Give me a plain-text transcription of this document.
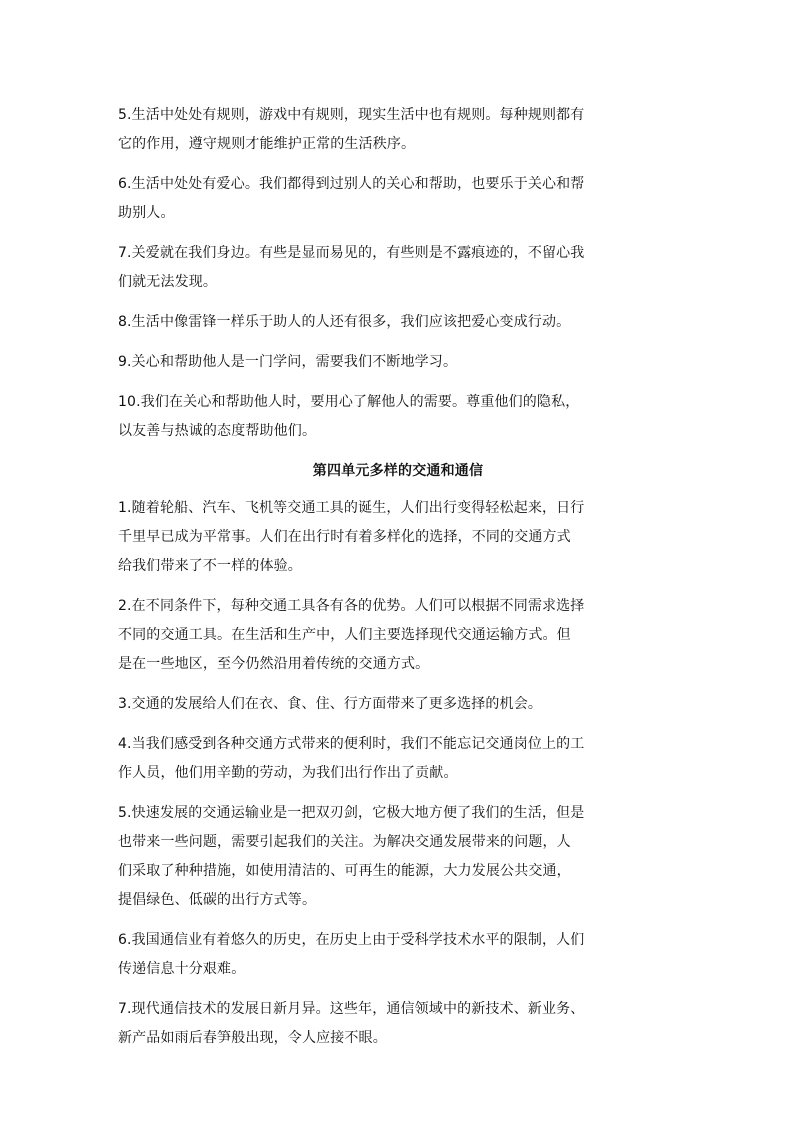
5.生活中处处有规则，游戏中有规则，现实生活中也有规则。每种规则都有
它的作用，遵守规则才能维护正常的生活秩序。

6.生活中处处有爱心。我们都得到过别人的关心和帮助，也要乐于关心和帮
助别人。

7.关爱就在我们身边。有些是显而易见的，有些则是不露痕迹的，不留心我
们就无法发现。

8.生活中像雷锋一样乐于助人的人还有很多，我们应该把爱心变成行动。

9.关心和帮助他人是一门学问，需要我们不断地学习。

10.我们在关心和帮助他人时，要用心了解他人的需要。尊重他们的隐私，
以友善与热诚的态度帮助他们。

第四单元多样的交通和通信

1.随着轮船、汽车、飞机等交通工具的诞生，人们出行变得轻松起来，日行
千里早已成为平常事。人们在出行时有着多样化的选择，不同的交通方式
给我们带来了不一样的体验。

2.在不同条件下，每种交通工具各有各的优势。人们可以根据不同需求选择
不同的交通工具。在生活和生产中，人们主要选择现代交通运输方式。但
是在一些地区，至今仍然沿用着传统的交通方式。

3.交通的发展给人们在衣、食、住、行方面带来了更多选择的机会。

4.当我们感受到各种交通方式带来的便利时，我们不能忘记交通岗位上的工
作人员，他们用辛勤的劳动，为我们出行作出了贡献。

5.快速发展的交通运输业是一把双刃剑，它极大地方便了我们的生活，但是
也带来一些问题，需要引起我们的关注。为解决交通发展带来的问题，人
们采取了种种措施，如使用清洁的、可再生的能源，大力发展公共交通，
提倡绿色、低碳的出行方式等。

6.我国通信业有着悠久的历史，在历史上由于受科学技术水平的限制，人们
传递信息十分艰难。

7.现代通信技术的发展日新月异。这些年，通信领域中的新技术、新业务、
新产品如雨后春笋般出现，令人应接不眼。
